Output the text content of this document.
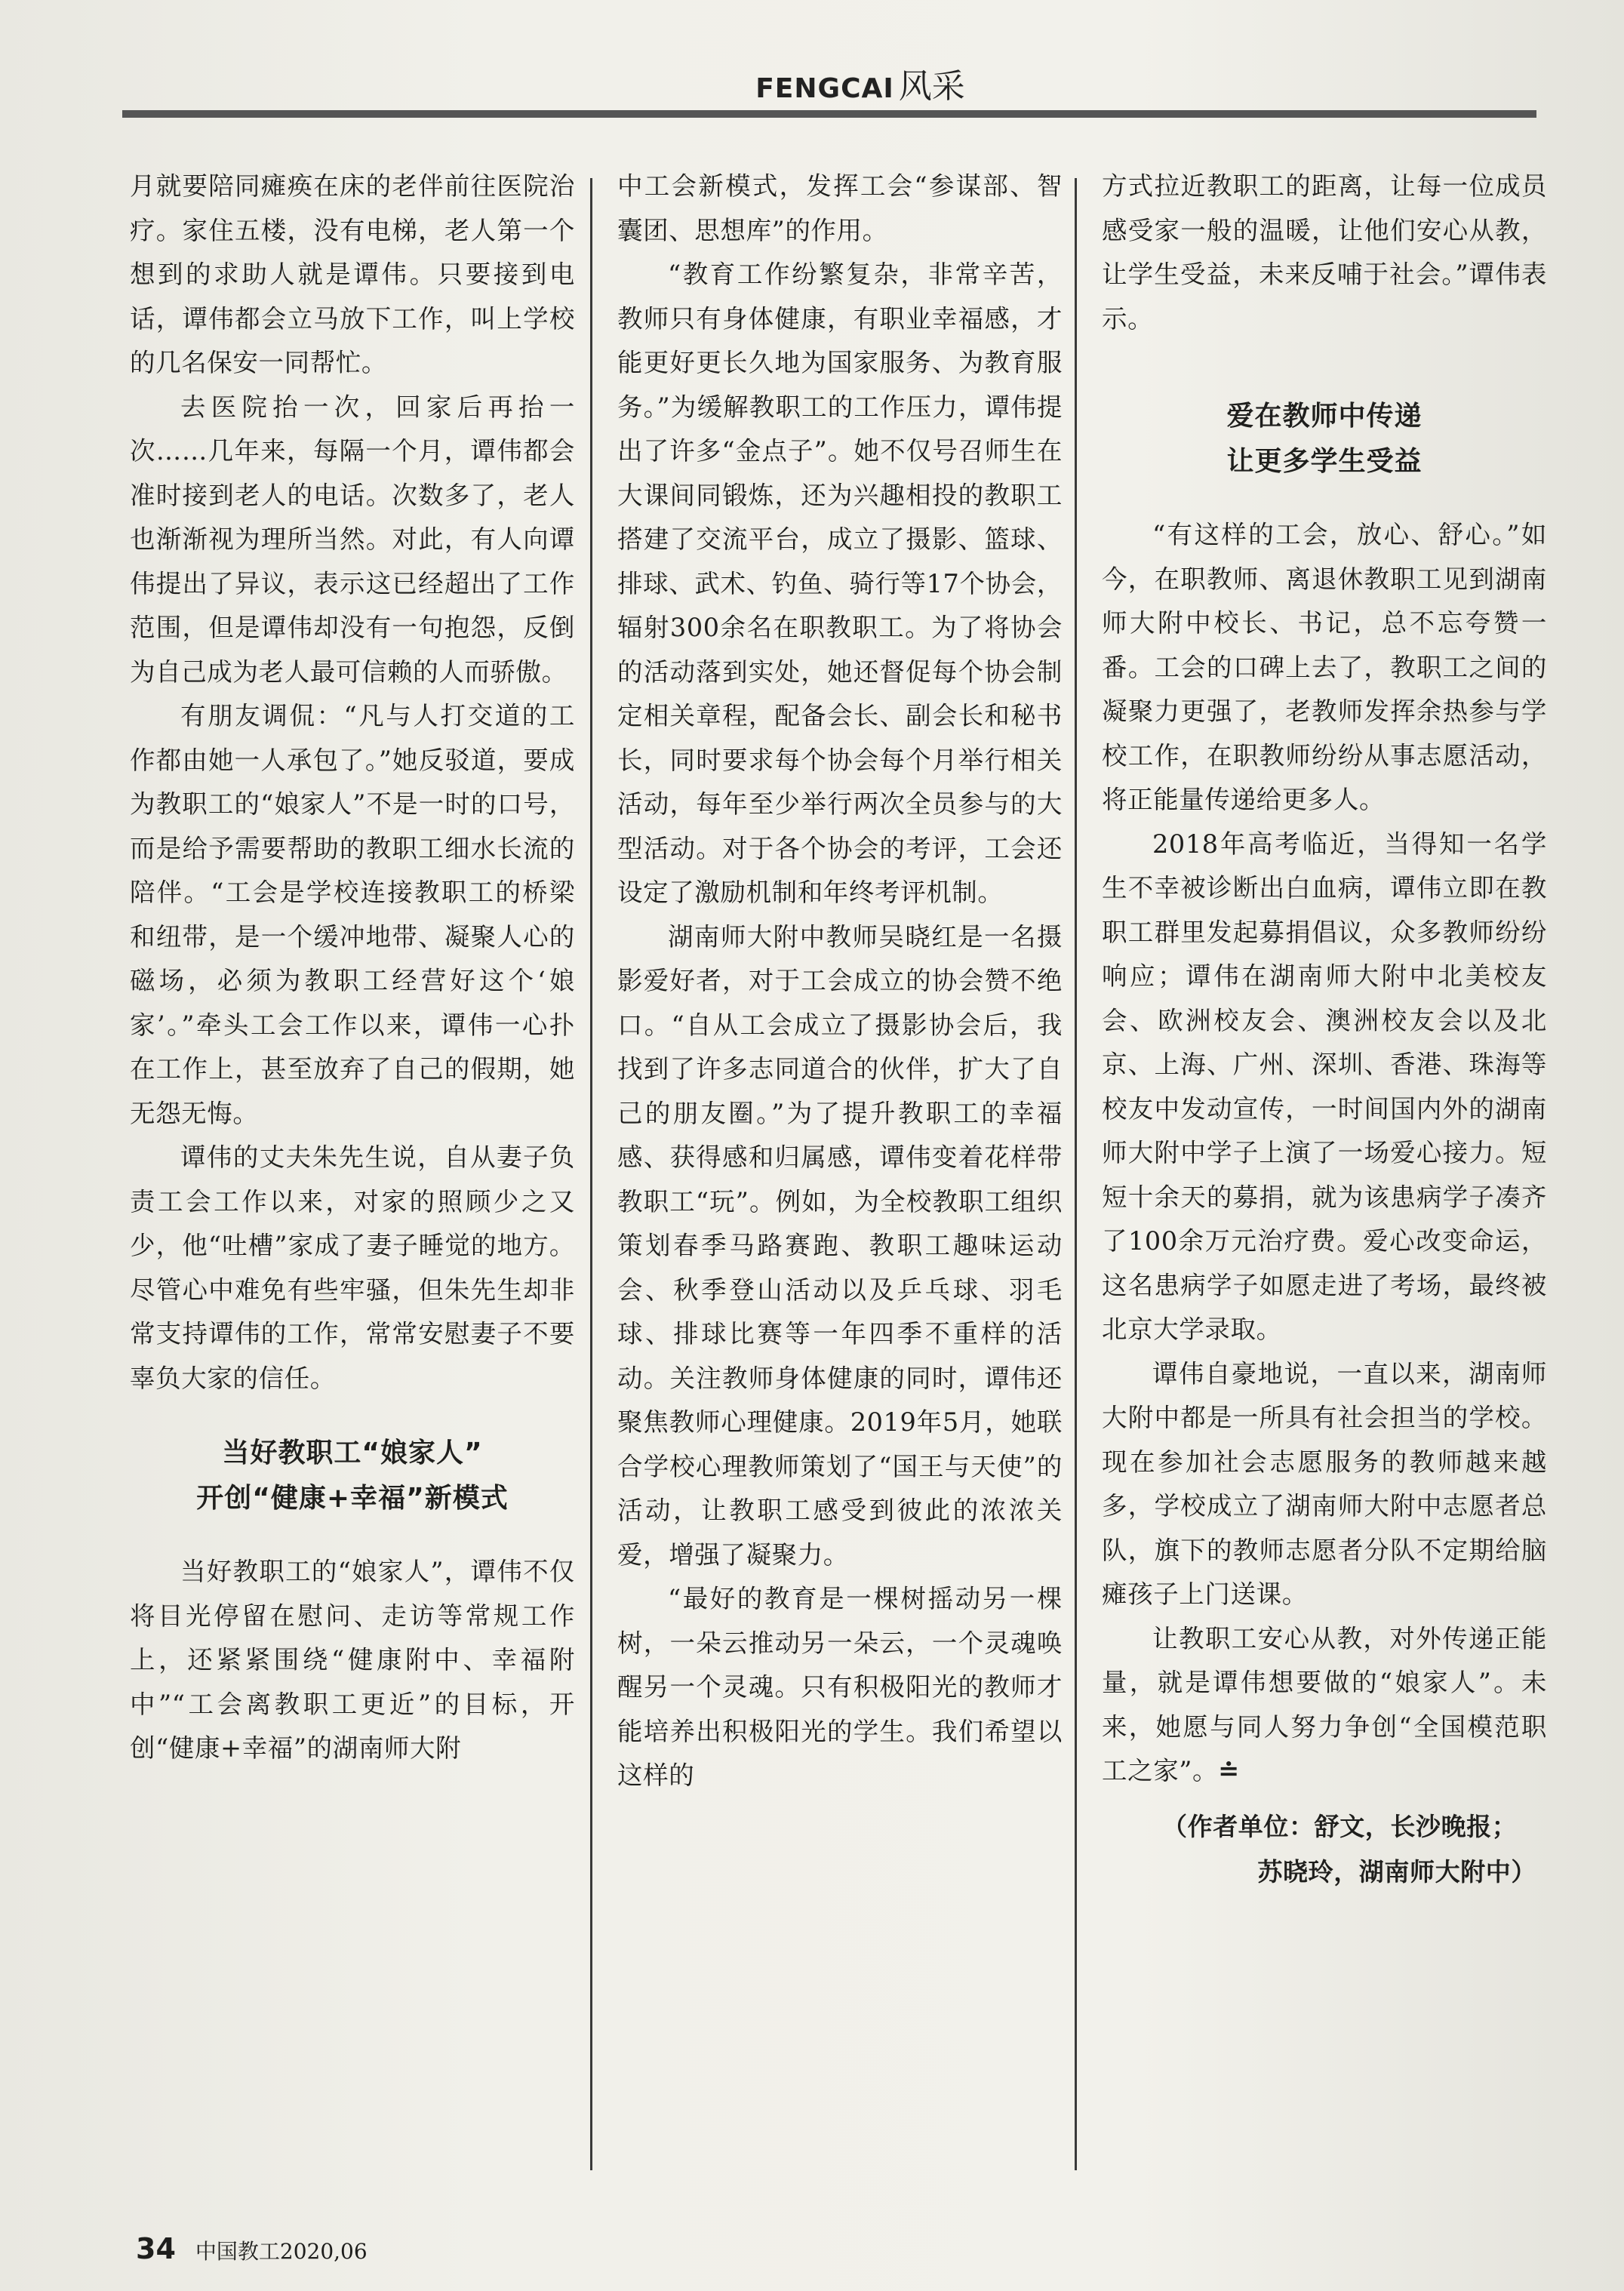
FENGCAI 风采

月就要陪同瘫痪在床的老伴前往医院治疗。家住五楼，没有电梯，老人第一个想到的求助人就是谭伟。只要接到电话，谭伟都会立马放下工作，叫上学校的几名保安一同帮忙。

去医院抬一次，回家后再抬一次……几年来，每隔一个月，谭伟都会准时接到老人的电话。次数多了，老人也渐渐视为理所当然。对此，有人向谭伟提出了异议，表示这已经超出了工作范围，但是谭伟却没有一句抱怨，反倒为自己成为老人最可信赖的人而骄傲。

有朋友调侃：“凡与人打交道的工作都由她一人承包了。”她反驳道，要成为教职工的“娘家人”不是一时的口号，而是给予需要帮助的教职工细水长流的陪伴。“工会是学校连接教职工的桥梁和纽带，是一个缓冲地带、凝聚人心的磁场，必须为教职工经营好这个‘娘家’。”牵头工会工作以来，谭伟一心扑在工作上，甚至放弃了自己的假期，她无怨无悔。

谭伟的丈夫朱先生说，自从妻子负责工会工作以来，对家的照顾少之又少，他“吐槽”家成了妻子睡觉的地方。尽管心中难免有些牢骚，但朱先生却非常支持谭伟的工作，常常安慰妻子不要辜负大家的信任。

当好教职工“娘家人”
开创“健康+幸福”新模式

当好教职工的“娘家人”，谭伟不仅将目光停留在慰问、走访等常规工作上，还紧紧围绕“健康附中、幸福附中”“工会离教职工更近”的目标，开创“健康+幸福”的湖南师大附

中工会新模式，发挥工会“参谋部、智囊团、思想库”的作用。

“教育工作纷繁复杂，非常辛苦，教师只有身体健康，有职业幸福感，才能更好更长久地为国家服务、为教育服务。”为缓解教职工的工作压力，谭伟提出了许多“金点子”。她不仅号召师生在大课间同锻炼，还为兴趣相投的教职工搭建了交流平台，成立了摄影、篮球、排球、武术、钓鱼、骑行等17个协会，辐射300余名在职教职工。为了将协会的活动落到实处，她还督促每个协会制定相关章程，配备会长、副会长和秘书长，同时要求每个协会每个月举行相关活动，每年至少举行两次全员参与的大型活动。对于各个协会的考评，工会还设定了激励机制和年终考评机制。

湖南师大附中教师吴晓红是一名摄影爱好者，对于工会成立的协会赞不绝口。“自从工会成立了摄影协会后，我找到了许多志同道合的伙伴，扩大了自己的朋友圈。”为了提升教职工的幸福感、获得感和归属感，谭伟变着花样带教职工“玩”。例如，为全校教职工组织策划春季马路赛跑、教职工趣味运动会、秋季登山活动以及乒乓球、羽毛球、排球比赛等一年四季不重样的活动。关注教师身体健康的同时，谭伟还聚焦教师心理健康。2019年5月，她联合学校心理教师策划了“国王与天使”的活动，让教职工感受到彼此的浓浓关爱，增强了凝聚力。

“最好的教育是一棵树摇动另一棵树，一朵云推动另一朵云，一个灵魂唤醒另一个灵魂。只有积极阳光的教师才能培养出积极阳光的学生。我们希望以这样的

方式拉近教职工的距离，让每一位成员感受家一般的温暖，让他们安心从教，让学生受益，未来反哺于社会。”谭伟表示。

爱在教师中传递
让更多学生受益

“有这样的工会，放心、舒心。”如今，在职教师、离退休教职工见到湖南师大附中校长、书记，总不忘夸赞一番。工会的口碑上去了，教职工之间的凝聚力更强了，老教师发挥余热参与学校工作，在职教师纷纷从事志愿活动，将正能量传递给更多人。

2018年高考临近，当得知一名学生不幸被诊断出白血病，谭伟立即在教职工群里发起募捐倡议，众多教师纷纷响应；谭伟在湖南师大附中北美校友会、欧洲校友会、澳洲校友会以及北京、上海、广州、深圳、香港、珠海等校友中发动宣传，一时间国内外的湖南师大附中学子上演了一场爱心接力。短短十余天的募捐，就为该患病学子凑齐了100余万元治疗费。爱心改变命运，这名患病学子如愿走进了考场，最终被北京大学录取。

谭伟自豪地说，一直以来，湖南师大附中都是一所具有社会担当的学校。现在参加社会志愿服务的教师越来越多，学校成立了湖南师大附中志愿者总队，旗下的教师志愿者分队不定期给脑瘫孩子上门送课。

让教职工安心从教，对外传递正能量，就是谭伟想要做的“娘家人”。未来，她愿与同人努力争创“全国模范职工之家”。≐

（作者单位：舒文，长沙晚报；
苏晓玲，湖南师大附中）
34 中国教工2020,06
